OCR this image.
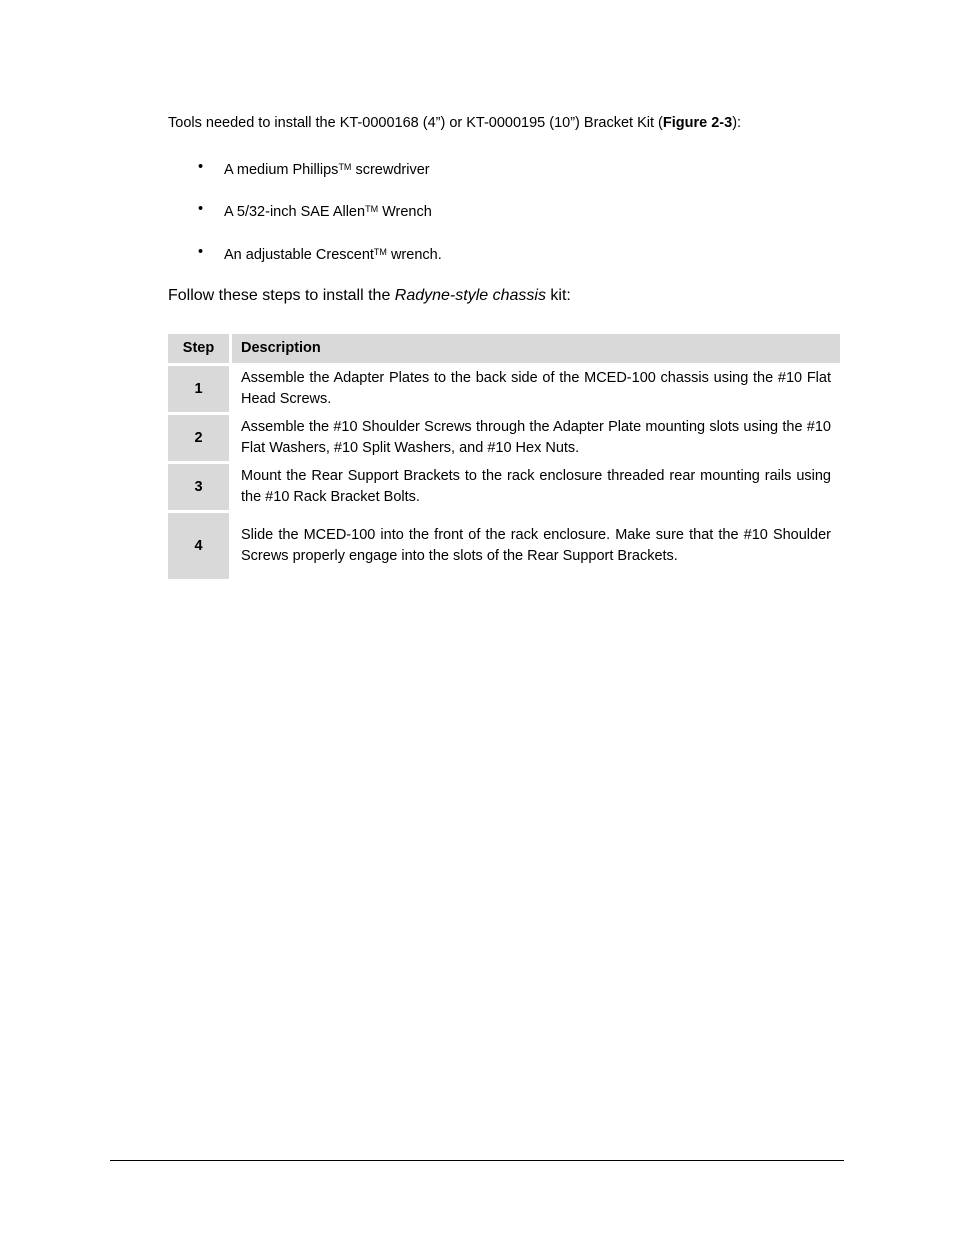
Tools needed to install the KT-0000168 (4”) or KT-0000195 (10”) Bracket Kit (Figure 2-3):

• A medium Phillips™ screwdriver
• A 5/32-inch SAE Allen™ Wrench
• An adjustable Crescent™ wrench.

Follow these steps to install the Radyne-style chassis kit:

Step	Description
1	Assemble the Adapter Plates to the back side of the MCED-100 chassis using the #10 Flat Head Screws.
2	Assemble the #10 Shoulder Screws through the Adapter Plate mounting slots using the #10 Flat Washers, #10 Split Washers, and #10 Hex Nuts.
3	Mount the Rear Support Brackets to the rack enclosure threaded rear mounting rails using the #10 Rack Bracket Bolts.
4	Slide the MCED-100 into the front of the rack enclosure. Make sure that the #10 Shoulder Screws properly engage into the slots of the Rear Support Brackets.
